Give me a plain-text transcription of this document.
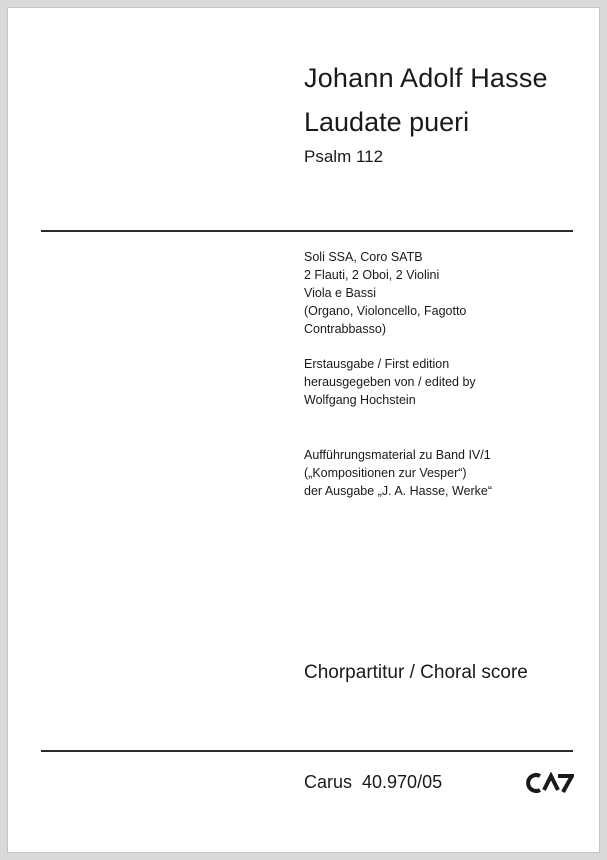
Johann Adolf Hasse
Laudate pueri
Psalm 112
Soli SSA, Coro SATB
2 Flauti, 2 Oboi, 2 Violini
Viola e Bassi
(Organo, Violoncello, Fagotto
Contrabbasso)
Erstausgabe / First edition
herausgegeben von / edited by
Wolfgang Hochstein
Aufführungsmaterial zu Band IV/1
(„Kompositionen zur Vesper“)
der Ausgabe „J. A. Hasse, Werke“
Chorpartitur / Choral score
Carus  40.970/05
